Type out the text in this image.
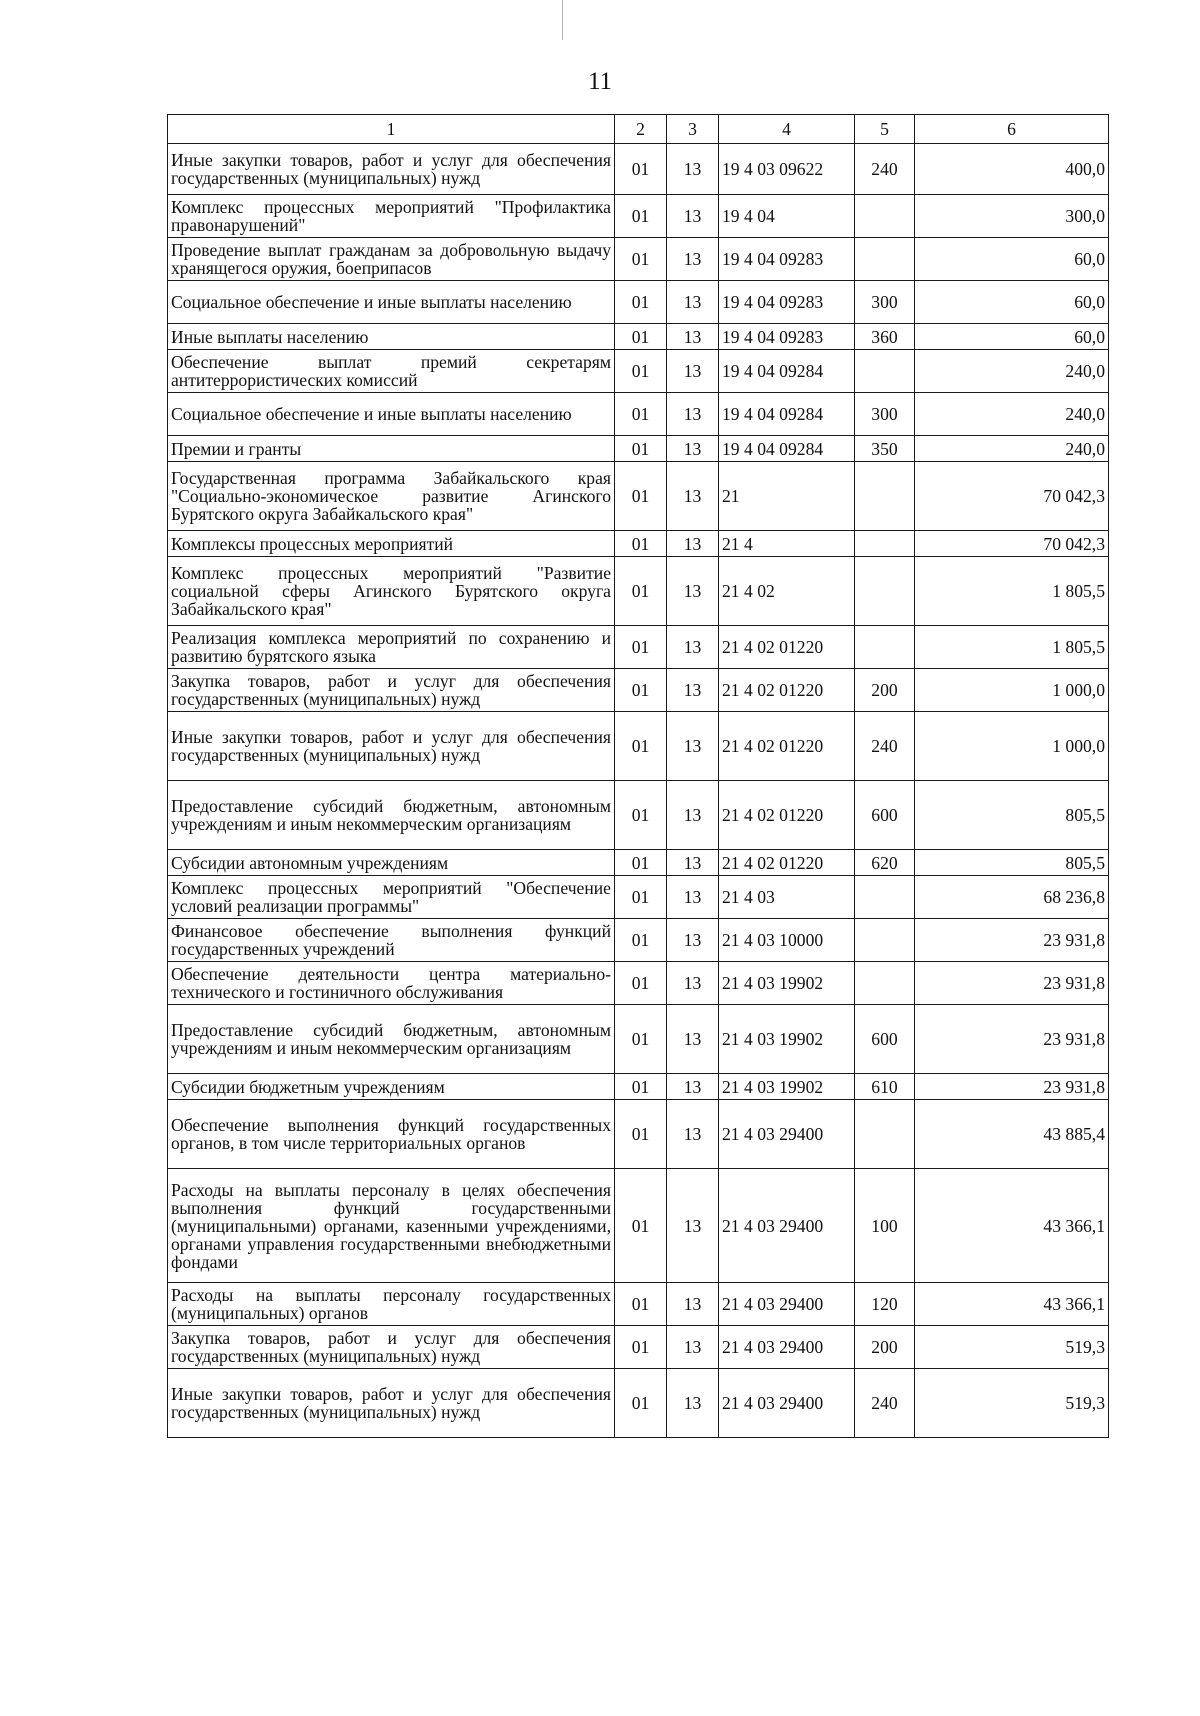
11
1	2	3	4	5	6
Иные закупки товаров, работ и услуг для обеспечения государственных (муниципальных) нужд	01	13	19 4 03 09622	240	400,0
Комплекс процессных мероприятий "Профилактика правонарушений"	01	13	19 4 04		300,0
Проведение выплат гражданам за добровольную выдачу хранящегося оружия, боеприпасов	01	13	19 4 04 09283		60,0
Социальное обеспечение и иные выплаты населению	01	13	19 4 04 09283	300	60,0
Иные выплаты населению	01	13	19 4 04 09283	360	60,0
Обеспечение выплат премий секретарям антитеррористических комиссий	01	13	19 4 04 09284		240,0
Социальное обеспечение и иные выплаты населению	01	13	19 4 04 09284	300	240,0
Премии и гранты	01	13	19 4 04 09284	350	240,0
Государственная программа Забайкальского края "Социально-экономическое развитие Агинского Бурятского округа Забайкальского края"	01	13	21		70 042,3
Комплексы процессных мероприятий	01	13	21 4		70 042,3
Комплекс процессных мероприятий "Развитие социальной сферы Агинского Бурятского округа Забайкальского края"	01	13	21 4 02		1 805,5
Реализация комплекса мероприятий по сохранению и развитию бурятского языка	01	13	21 4 02 01220		1 805,5
Закупка товаров, работ и услуг для обеспечения государственных (муниципальных) нужд	01	13	21 4 02 01220	200	1 000,0
Иные закупки товаров, работ и услуг для обеспечения государственных (муниципальных) нужд	01	13	21 4 02 01220	240	1 000,0
Предоставление субсидий бюджетным, автономным учреждениям и иным некоммерческим организациям	01	13	21 4 02 01220	600	805,5
Субсидии автономным учреждениям	01	13	21 4 02 01220	620	805,5
Комплекс процессных мероприятий "Обеспечение условий реализации программы"	01	13	21 4 03		68 236,8
Финансовое обеспечение выполнения функций государственных учреждений	01	13	21 4 03 10000		23 931,8
Обеспечение деятельности центра материально-технического и гостиничного обслуживания	01	13	21 4 03 19902		23 931,8
Предоставление субсидий бюджетным, автономным учреждениям и иным некоммерческим организациям	01	13	21 4 03 19902	600	23 931,8
Субсидии бюджетным учреждениям	01	13	21 4 03 19902	610	23 931,8
Обеспечение выполнения функций государственных органов, в том числе территориальных органов	01	13	21 4 03 29400		43 885,4
Расходы на выплаты персоналу в целях обеспечения выполнения функций государственными (муниципальными) органами, казенными учреждениями, органами управления государственными внебюджетными фондами	01	13	21 4 03 29400	100	43 366,1
Расходы на выплаты персоналу государственных (муниципальных) органов	01	13	21 4 03 29400	120	43 366,1
Закупка товаров, работ и услуг для обеспечения государственных (муниципальных) нужд	01	13	21 4 03 29400	200	519,3
Иные закупки товаров, работ и услуг для обеспечения государственных (муниципальных) нужд	01	13	21 4 03 29400	240	519,3
